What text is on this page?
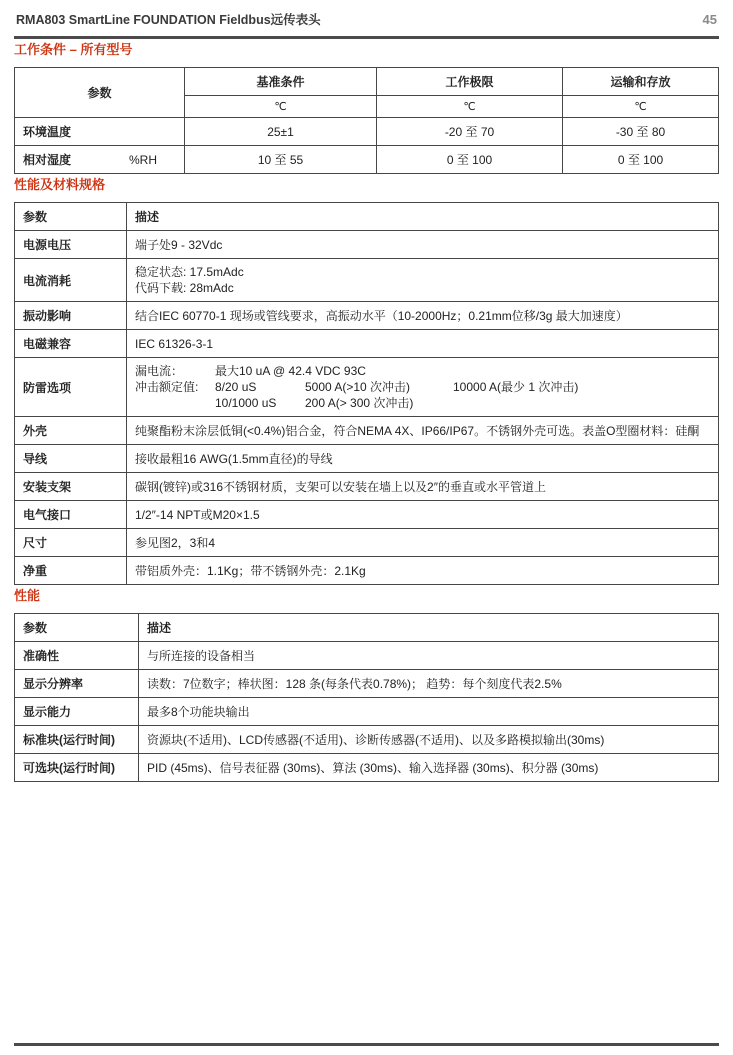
RMA803 SmartLine FOUNDATION Fieldbus远传表头	45
工作条件 – 所有型号
参数	基准条件	工作极限	运输和存放
	℃	℃	℃
环境温度	25±1	-20 至 70	-30 至 80
相对湿度 %RH	10 至 55	0 至 100	0 至 100
性能及材料规格
参数	描述
电源电压	端子处9 - 32Vdc
电流消耗	稳定状态: 17.5mAdc
代码下载: 28mAdc

振动影响	结合IEC 60770-1 现场或管线要求，高振动水平（10-2000Hz；0.21mm位移/3g 最大加速度）
电磁兼容	IEC 61326-3-1
防雷选项	漏电流： 最大10 uA @ 42.4 VDC 93C
冲击额定值: 8/20 uS 5000 A(>10 次冲击) 10000 A(最少 1 次冲击)
10/1000 uS 200 A(> 300 次冲击)

外壳	纯聚酯粉末涂层低铜(<0.4%)铝合金，符合NEMA 4X、IP66/IP67。不锈钢外壳可选。表盖O型圈材料：硅酮
导线	接收最粗16 AWG(1.5mm直径)的导线
安装支架	碳钢(镀锌)或316不锈钢材质，支架可以安装在墙上以及2″的垂直或水平管道上
电气接口	1/2″-14 NPT或M20×1.5
尺寸	参见图2，3和4
净重	带铝质外壳：1.1Kg；带不锈钢外壳：2.1Kg
性能
参数	描述
准确性	与所连接的设备相当
显示分辨率	读数：7位数字；棒状图：128 条(每条代表0.78%)； 趋势：每个刻度代表2.5%
显示能力	最多8个功能块输出
标准块(运行时间)	资源块(不适用)、LCD传感器(不适用)、诊断传感器(不适用)、以及多路模拟输出(30ms)
可选块(运行时间)	PID (45ms)、信号表征器 (30ms)、算法 (30ms)、输入选择器 (30ms)、积分器 (30ms)
